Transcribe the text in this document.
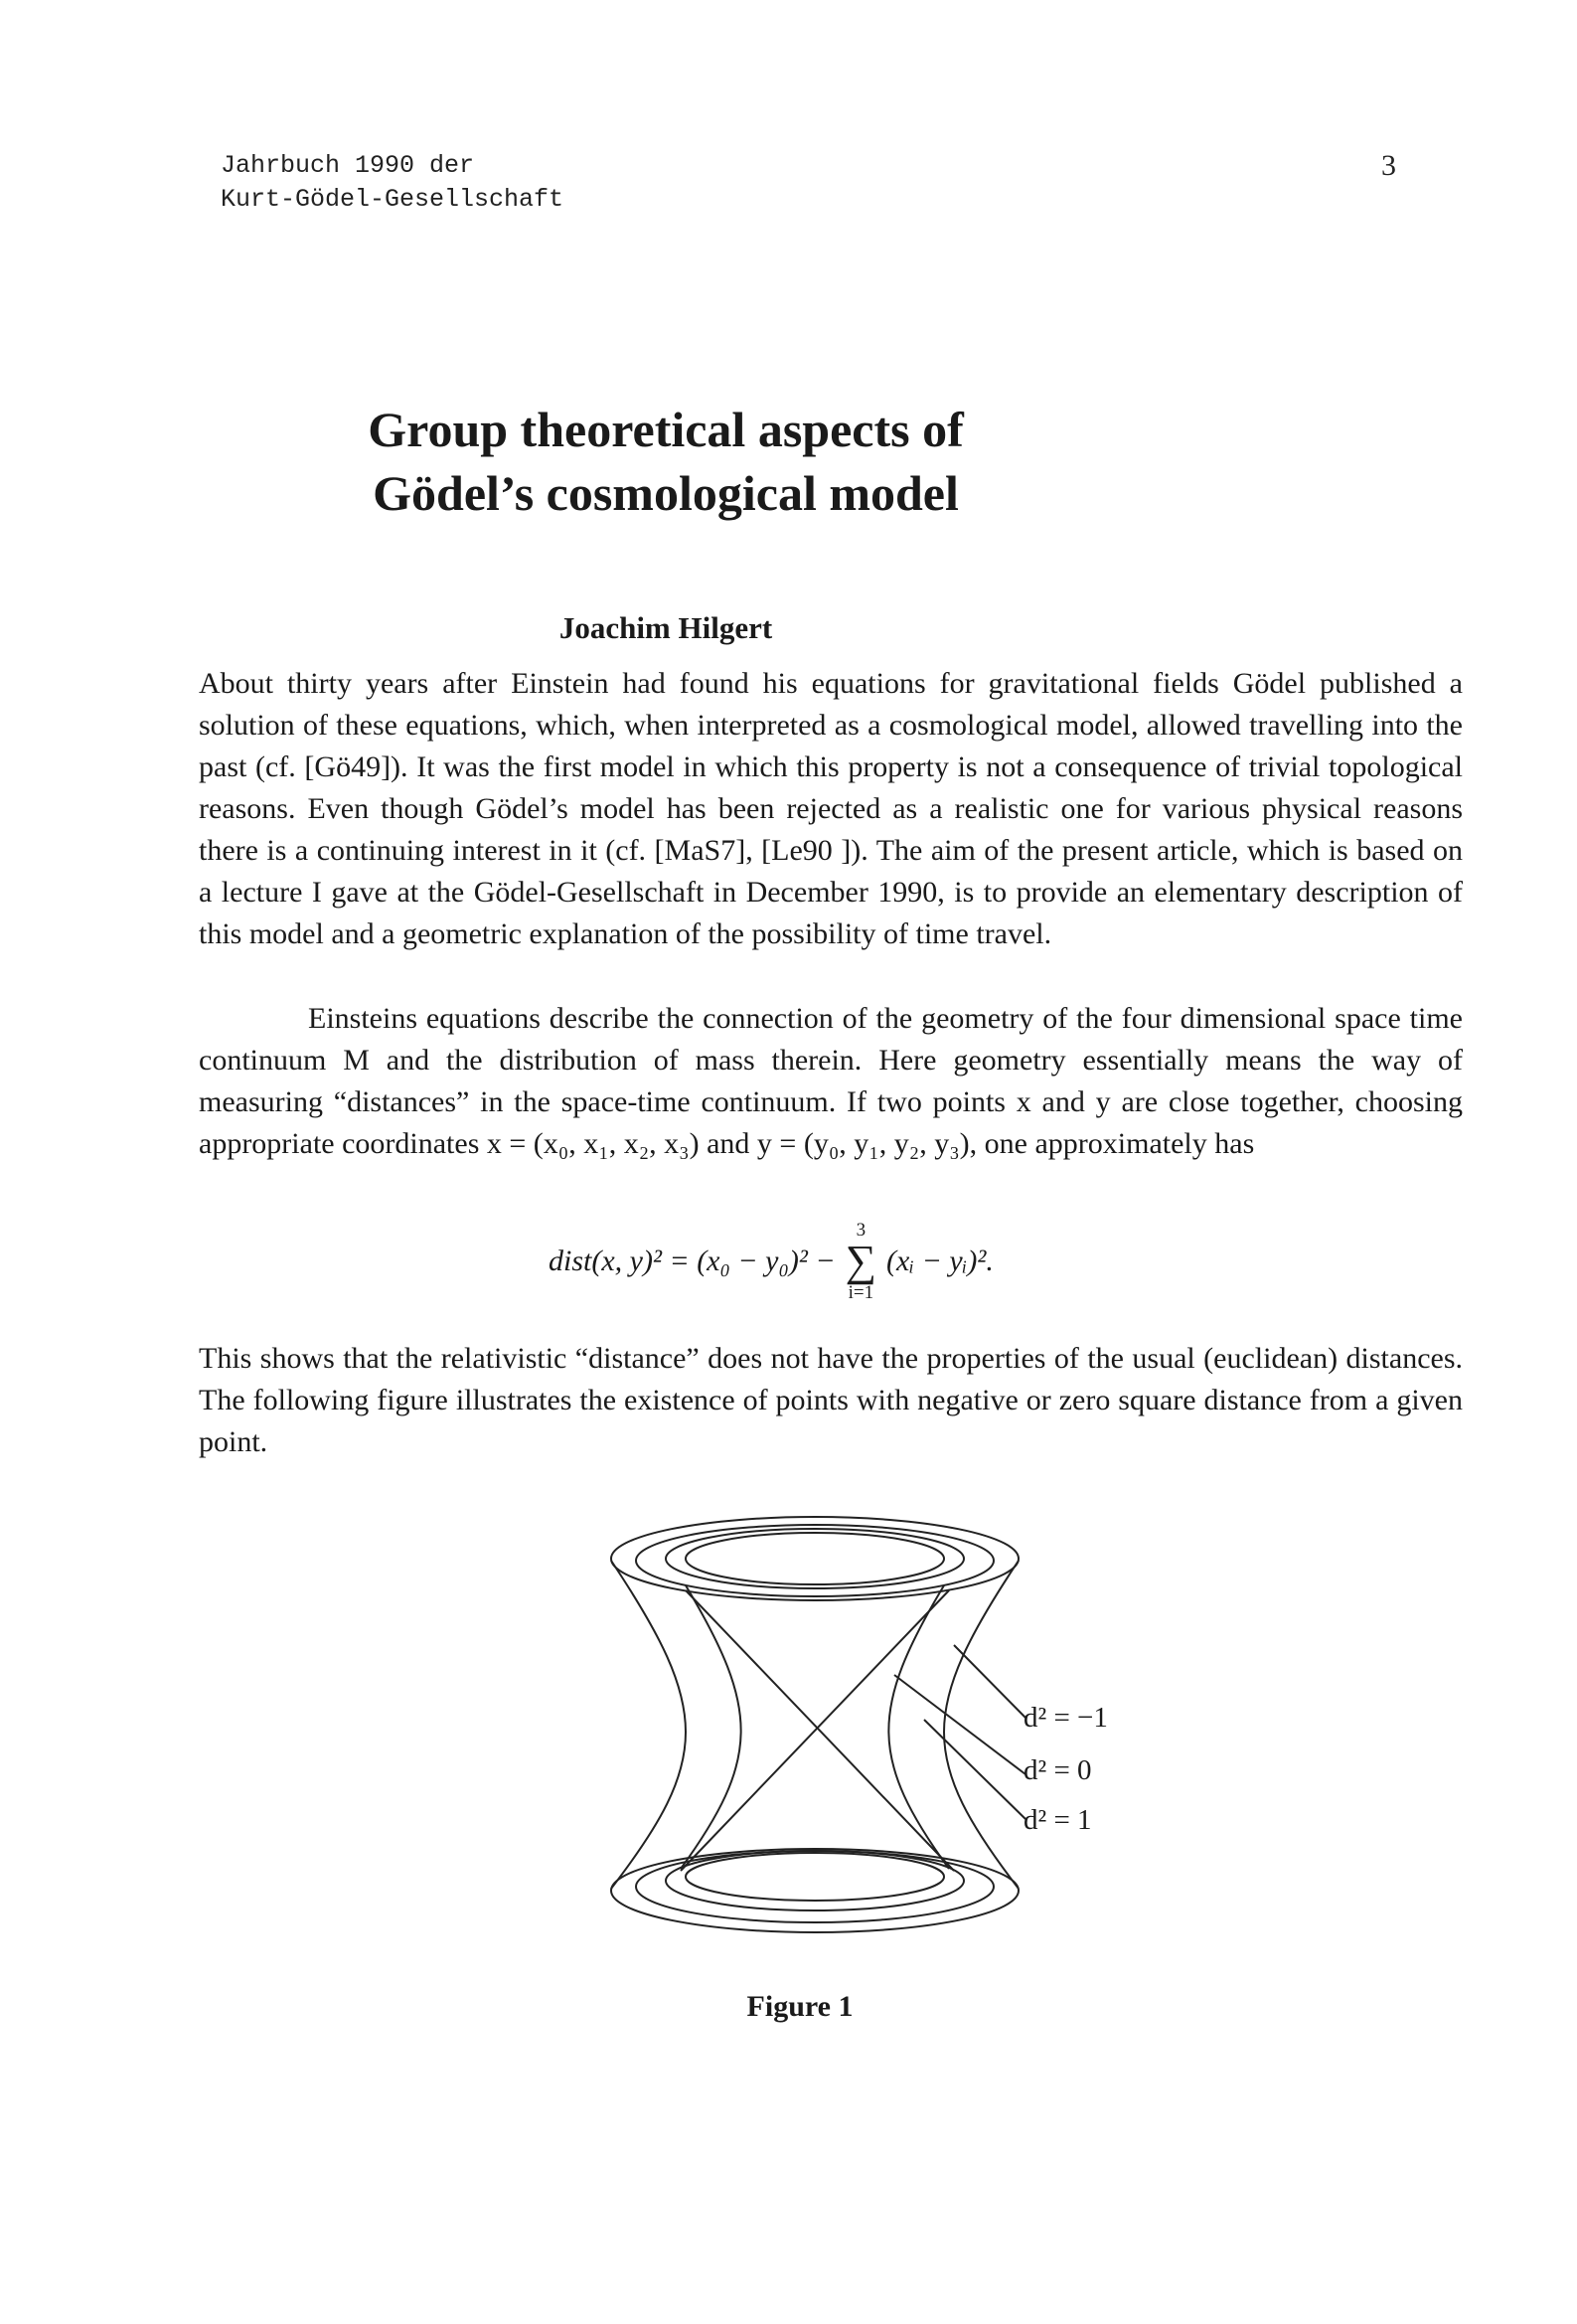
Jahrbuch 1990 der
Kurt-Gödel-Gesellschaft
3
Group theoretical aspects of
Gödel’s cosmological model
Joachim Hilgert

About thirty years after Einstein had found his equations for gravitational fields Gödel published a solution of these equations, which, when interpreted as a cosmological model, allowed travelling into the past (cf. [Gö49]). It was the first model in which this property is not a consequence of trivial topological reasons. Even though Gödel’s model has been rejected as a realistic one for various physical reasons there is a continuing interest in it (cf. [MaS7], [Le90 ]). The aim of the present article, which is based on a lecture I gave at the Gödel-Gesellschaft in December 1990, is to provide an elementary description of this model and a geometric explanation of the possibility of time travel.

Einsteins equations describe the connection of the geometry of the four dimensional space time continuum M and the distribution of mass therein. Here geometry essentially means the way of measuring “distances” in the space-time continuum. If two points x and y are close together, choosing appropriate coordinates x = (x₀, x₁, x₂, x₃) and y = (y₀, y₁, y₂, y₃), one approximately has

dist(x, y)² = (x₀ − y₀)² −
3
∑
i=1
(xᵢ − yᵢ)².

This shows that the relativistic “distance” does not have the properties of the usual (euclidean) distances. The following figure illustrates the existence of points with negative or zero square distance from a given point.

d² = −1
d² = 0
d² = 1
Figure 1
